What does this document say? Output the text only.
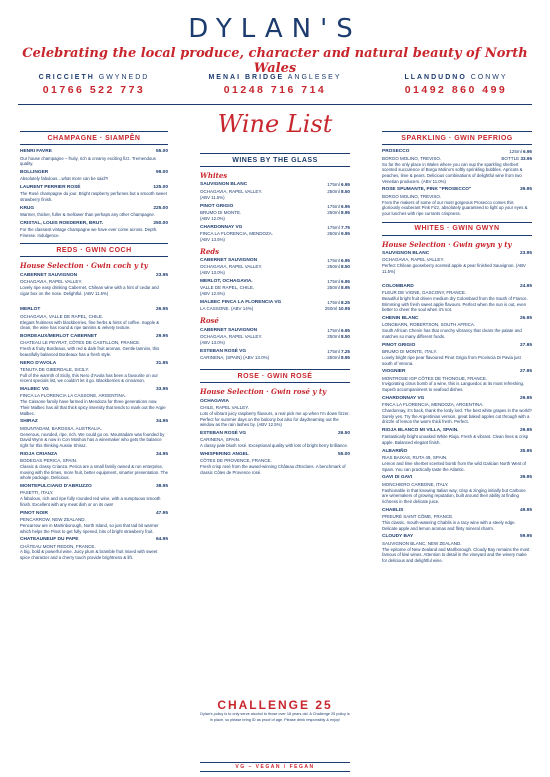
DYLAN'S
Celebrating the local produce, character and natural beauty of North Wales
CRICCIETH GWYNEDD
01766 522 773
MENAI BRIDGE ANGLESEY
01248 716 714
LLANDUDNO CONWY
01492 860 499
Wine List
CHAMPAGNE · SIAMPÊN
HENRI FAVRE	55.00
Our house champagne – fruity, rich & creamy exciting fizz. Tremendous quality.
BOLLINGER	99.00
Absolutely fabulous…what more can be said?!
LAURENT PERRIER ROSÉ	125.00
The Rosé champagne du jour. Bright raspberry perfumes but a smooth sweet strawberry finish.
KRUG	225.00
Warmer, thicker, fuller & mellower than perhaps any other Champagne.
CRISTAL, LOUIS ROEDERER, BRUT.	250.00
For the classiest vintage champagne we have ever come across. Depth. Finesse. Indulgence.
REDS · GWIN COCH
House Selection · Gwin coch y ty
CABERNET SAUVIGNON	23.95
OCHAGAVIA, RAPEL VALLEY.
Lovely ripe easy drinking Cabernet, Chilean wine with a hint of cedar and cigar box on the nose. Delightful. (ABV 11.5%)
MERLOT	26.95
OCHAGAVIA, VALLE DE RAPEL, CHILE.
Elegant fruitiness with blackberries, fine herbs & hints of coffee. Supple & clean, the wine has round & ripe tannins & velvety texture.
BORDEAUX/MERLOT CABERNET	29.95
CHATEAU LE PEYRAT, CÔTES DE CASTILLON, FRANCE.
Fresh & fruity Bordeaux, with red & dark fruit aromas. Gentle tannins, this beautifully balanced Bordeaux has a fresh style.
NERO D'AVOLA	31.95
TENUTA DE GIBERDALE, SICILY.
Full of the warmth of Sicily, this Nero d'Avola has been a favourite on our recent specials list, we couldn't let it go. Blackberries & cinnamon.
MALBEC VG	33.95
FINCA LA FLORENCIA LA CASSONE, ARGENTINA.
The Cassone family have farmed in Mendoza for three generations now. Their Malbec has all that thick spicy intensity that tends to mark out the Argie Malbec.
SHIRAZ	34.95
MOUNTADAM, BAROSSA, AUSTRALIA.
Generous, rounded, ripe, rich. We could go on. Mountadam was founded by David Wynn & now in Con Moshos has a winemaker who gets the balance right for this thinking Aussie Shiraz.
RIOJA CRIANZA	34.95
BODEGAS PERICA, SPAIN.
Classic & classy Crianza. Perica are a small family owned & run enterprise, moving with the times, more fruit, better equipment, smarter presentation. The whole package. Delicious.
MONTEPULCIANO D'ABRUZZO	38.95
PASETTI, ITALY.
A fabulous, rich and ripe fully rounded red wine, with a sumptuous smooth finish. Excellent with any meat dish or on its own!
PINOT NOIR	47.95
PENCARROW, NEW ZEALAND.
Pencarrow are in Martinborough, North Island, so just that tad bit warmer which helps the Pinot to get fully ripened, bits of bright strawberry fruit.
CHATEAUNEUF DU PAPE	64.95
CHÂTEAU MONT REDON, FRANCE.
A big, bold & powerful wine. Juicy plum & bramble fruit mixed with sweet spice character and a cherry touch provide brightness & lift.
WINES BY THE GLASS
Whites
SAUVIGNON BLANC	175ml 6.95
OCHAGAVIA, RAPEL VALLEY.	250ml 8.50
(ABV 11.5%)
PINOT GRIGIO	175ml 6.95
BRUMO DI MONTE.	250ml 8.95
(ABV 12.0%)
CHARDONNAY VG	175ml 7.75
FINCA LA FLORENCIA, MENDOZA.	250ml 9.95
(ABV 13.5%)
Reds
CABERNET SAUVIGNON	175ml 6.95
OCHAGAVIA, RAPEL VALLEY.	250ml 8.50
(ABV 13.0%)
MERLOT, OCHAGAVIA.	175ml 6.95
VALLE DE RAPEL, CHILE.	250ml 8.95
(ABV 12.5%)
MALBEC FINCA LA FLORENCIA VG	175ml 8.25
LA CASSONE. (ABV 14%)	250ml 10.95
Rosé
CABERNET SAUVIGNON	175ml 6.95
OCHAGAVIA, RAPEL VALLEY.	250ml 8.50
(ABV 13.0%)
ESTEBAN ROSÉ VG	175ml 7.25
CARINENA, (SPAIN) (ABV 13.0%)	250ml 8.95
ROSE · GWIN ROSÉ
House Selection · Gwin rosé y ty
OCHAGAVIA
CHILE, RAPEL VALLEY.
Lots of vibrant juicy raspberry flavours, a real pick me up when I'm down fizzer. Perfect for summer days on the balcony but also for daydreaming out the window as the rain lashes by. (ABV 12.5%)
ESTEBAN ROSÉ VG	26.50
CARINENA, SPAIN.
A classy pale blush rosé. Exceptional quality with lots of bright berry brilliance.
WHISPERING ANGEL	55.00
CÔTES DE PROVENCE, FRANCE.
Fresh crisp rosé from the award-winning Château d'Esclans. A benchmark of classic Côtes de Provence rosé.
CHALLENGE 25
Dylan's policy is to only serve alcohol to those over 18 years old. A Challenge 25 policy is in place, so please bring ID as proof of age. Please drink responsibly & enjoy!
VG – VEGAN / FEGAN
SPARKLING · GWIN PEFRIOG
PROSECCO	125ml 6.95
BORGO MOLINO, TREVISO.	BOTTLE 33.95
So far the only place in Wales where you can sup the sparkling sherbert scented succulence of Borgo Molino's softly sprinkling bubbles. Apricots & peaches, lime & pears. Delicious combinations of delightful wine from two Venetian producers. (ABV 11.0%)
ROSE SPUMANTE, PINK "PROSECCO"	39.95
BORGO MOLINO, TREVISO.
From the makers of some of our most gorgeous Prosecco comes this gloriously exuberant Pink Fizz, absolutely guaranteed to light up your eyes & your lunches with ripe currants crispness.
WHITES · GWIN GWYN
House Selection · Gwin gwyn y ty
SAUVIGNON BLANC	23.95
OCHAGAVIA, RAPEL VALLEY.
Perfect Chilean gooseberry scented apple & pear finished Sauvignon. (ABV 11.5%)
COLOMBARD	24.95
FLEUR DE VIGNE, GASCONY, FRANCE.
Beautiful bright fruit driven medium dry Colombard from the South of France. Brimming with fresh sweet apple flavours. Perfect when the sun is out, even better to cheer the soul when it's not.
CHENIN BLANC	26.95
LONGBARN, ROBERTSON, SOUTH AFRICA.
South African Chenin has that crunchy vibrancy that clears the palate and matches so many different foods.
PINOT GRIGIO	27.95
BRUMO DI MONTE, ITALY.
Lovely bright ripe pear flavoured Pinot Grigio from Provincia Di Pavia just south of Verona.
VIOGNIER	27.95
MONTROSE IGP CÔTES DE THONGUE, FRANCE.
Invigorating citrus bomb of a wine, this is Languedoc at its most refreshing. Superb accompaniment to seafood dishes.
CHARDONNAY VG	29.95
FINCA LA FLORENCIA, MENDOZA, ARGENTINA.
Chardonnay, it's back, thank the lordy lord. The best white grapes in the world? Surely yes. Try the Argentinian version, great baked apples cut through with a drizzle of lemon the warm thick fresh. Perfect.
RIOJA BLANCO MI VILLA, SPAIN.	29.95
Fantastically bright unoaked White Rioja. Fresh & vibrant. Clean lines & crisp apple. Balanced elegant finish.
ALBARIÑO	35.95
RIAS BAIXAS, RUTA 49, SPAIN.
Lemon and lime sherbet scented bomb from the wild Galician North West of Spain. You can practically taste the Atlantic.
GAVI DI GAVI	39.95
MONCHIERO CARBONE, ITALY.
Fashionable in that knowing Italian way, crisp & zinging initially but Carbone are winemakers of growing reputation, built around their ability at finding richness in their delicate juice.
CHABLIS	49.95
PRIEURÉ SAINT CÔME, FRANCE.
This classic, mouth-watering Chablis is a racy wine with a steely edge. Delicate apple and lemon aromas and flinty mineral charm.
CLOUDY BAY	59.95
SAUVIGNON BLANC, NEW ZEALAND.
The epitome of New Zealand and Marlborough. Cloudy Bay remains the most famous of kiwi wines. Attention to detail in the vineyard and the winery make for delicious and delightful wine.
